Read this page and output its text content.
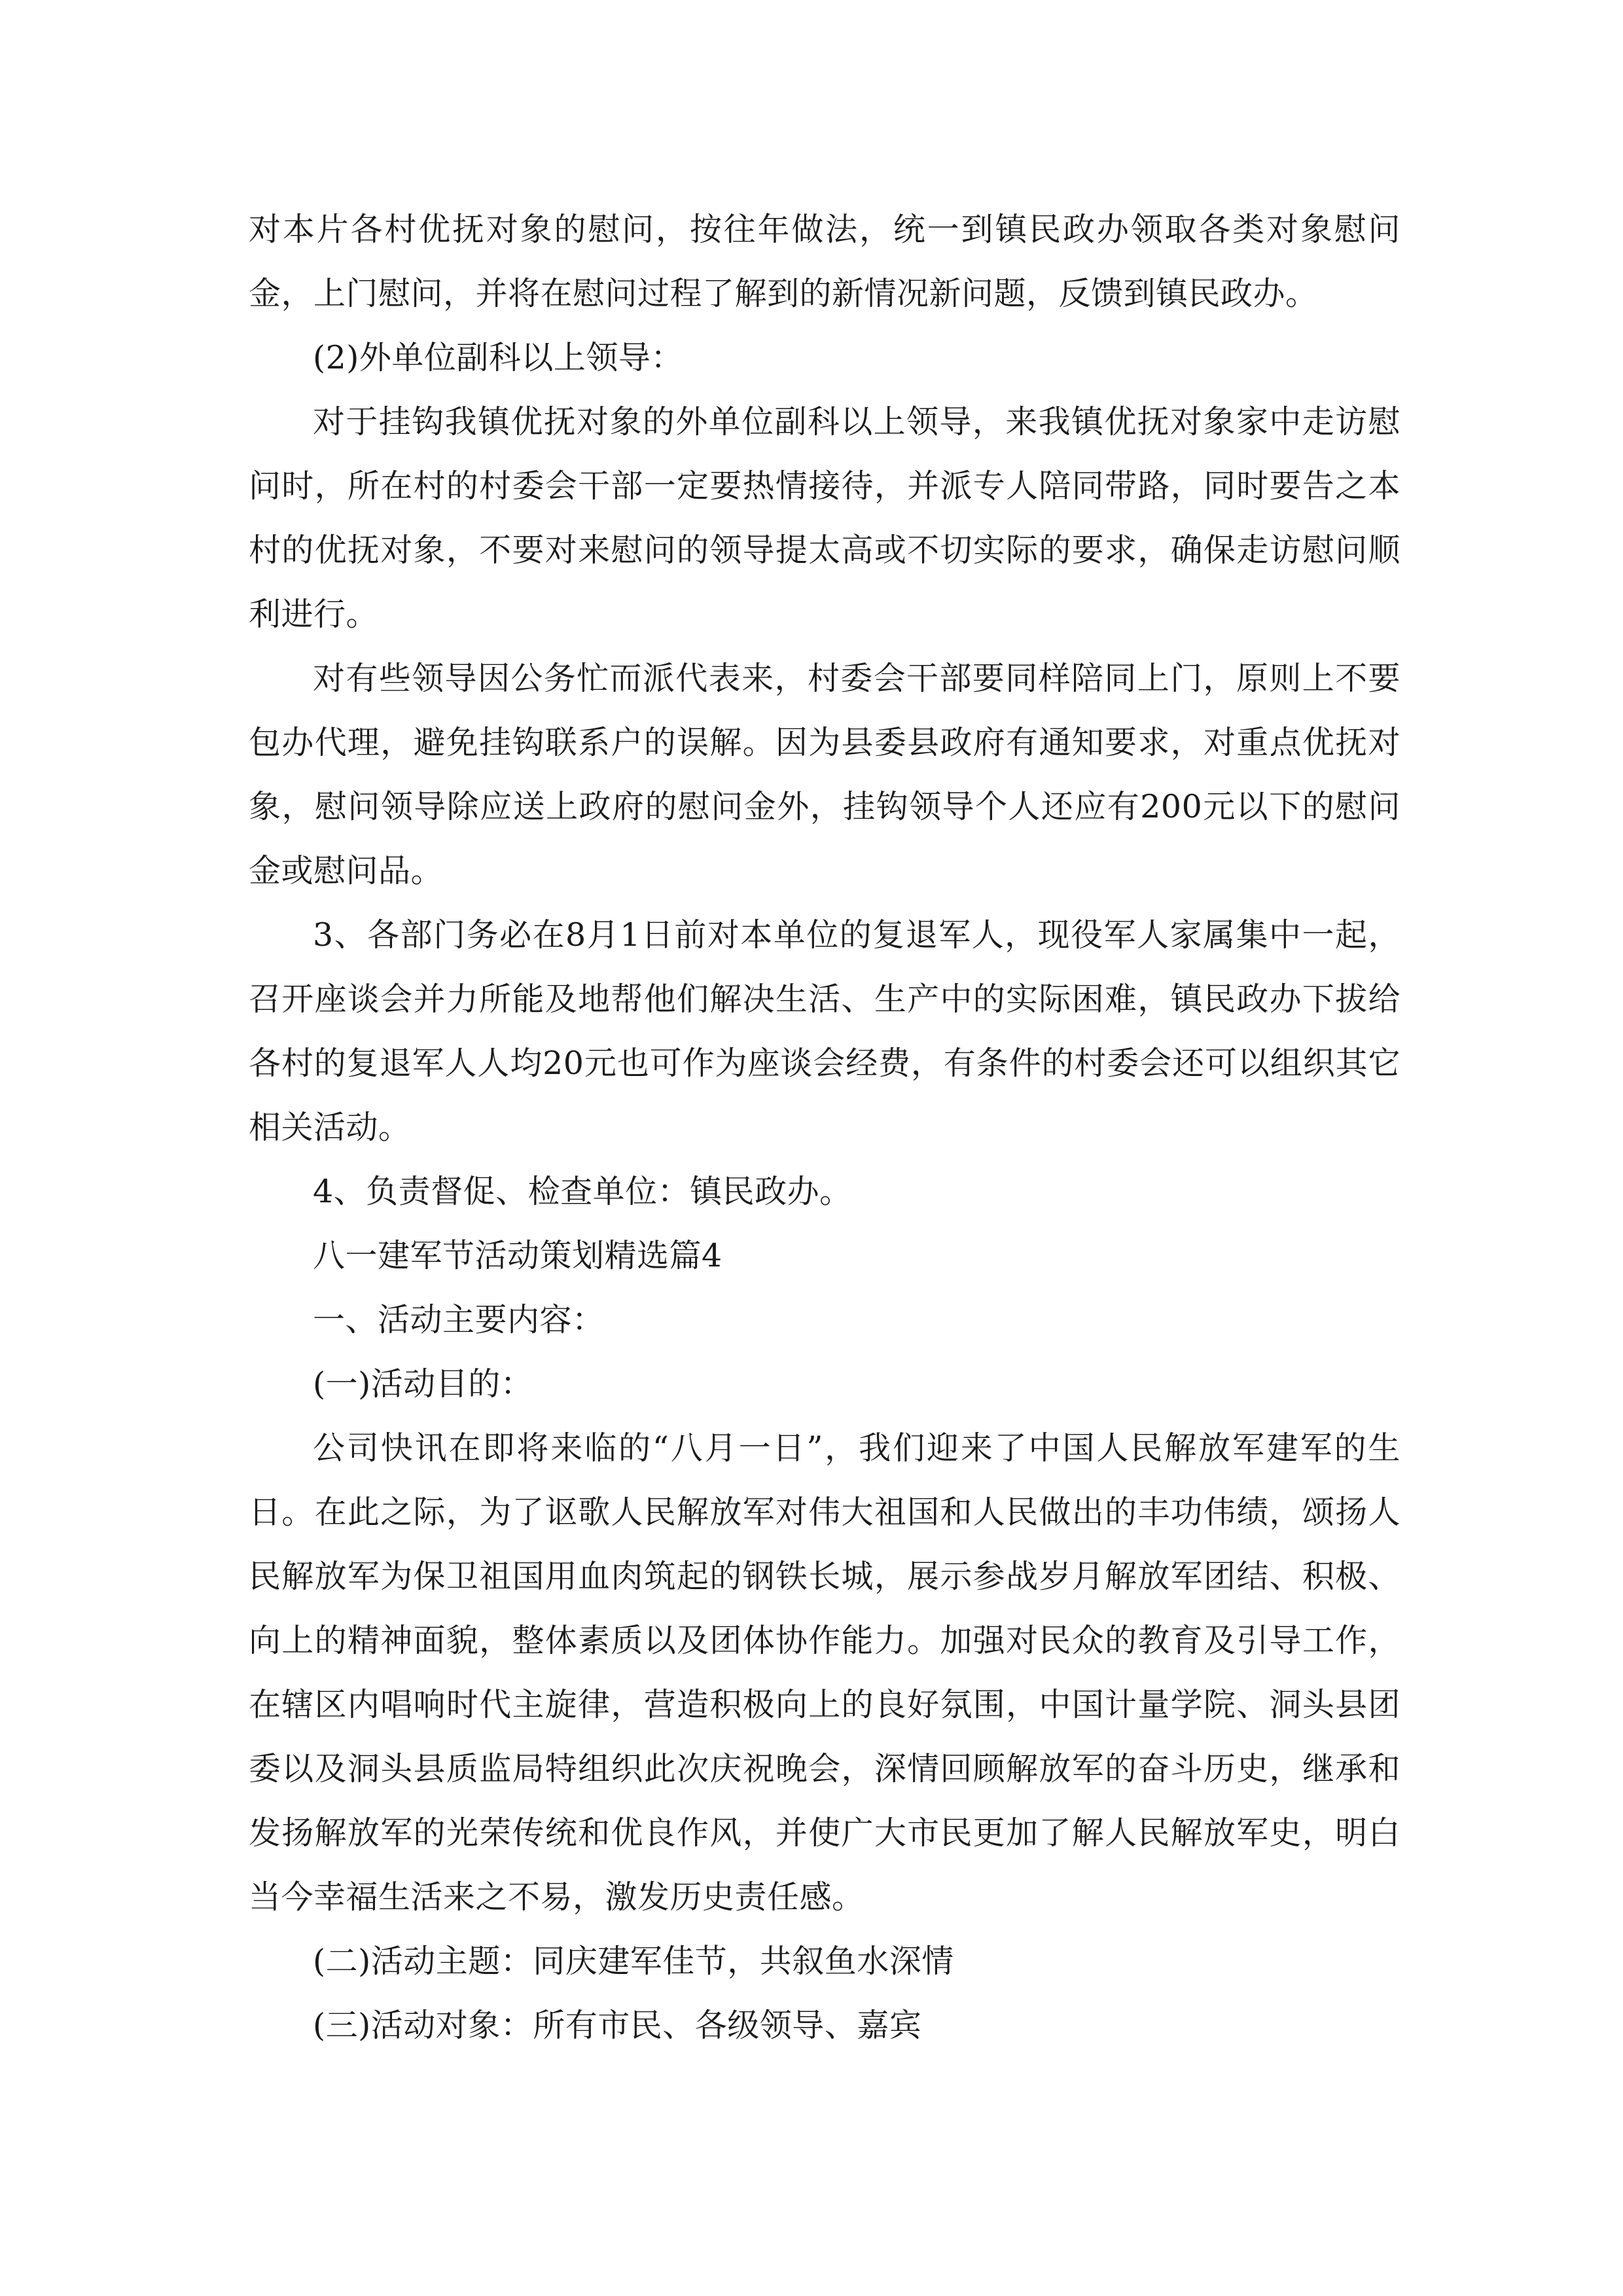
对本片各村优抚对象的慰问，按往年做法，统一到镇民政办领取各类对象慰问金，上门慰问，并将在慰问过程了解到的新情况新问题，反馈到镇民政办。

(2)外单位副科以上领导：

对于挂钩我镇优抚对象的外单位副科以上领导，来我镇优抚对象家中走访慰问时，所在村的村委会干部一定要热情接待，并派专人陪同带路，同时要告之本村的优抚对象，不要对来慰问的领导提太高或不切实际的要求，确保走访慰问顺利进行。

对有些领导因公务忙而派代表来，村委会干部要同样陪同上门，原则上不要包办代理，避免挂钩联系户的误解。因为县委县政府有通知要求，对重点优抚对象，慰问领导除应送上政府的慰问金外，挂钩领导个人还应有200元以下的慰问金或慰问品。

3、各部门务必在8月1日前对本单位的复退军人，现役军人家属集中一起，召开座谈会并力所能及地帮他们解决生活、生产中的实际困难，镇民政办下拔给各村的复退军人人均20元也可作为座谈会经费，有条件的村委会还可以组织其它相关活动。

4、负责督促、检查单位：镇民政办。

八一建军节活动策划精选篇4

一、活动主要内容：

(一)活动目的：

公司快讯在即将来临的“八月一日”，我们迎来了中国人民解放军建军的生日。在此之际，为了讴歌人民解放军对伟大祖国和人民做出的丰功伟绩，颂扬人民解放军为保卫祖国用血肉筑起的钢铁长城，展示参战岁月解放军团结、积极、向上的精神面貌，整体素质以及团体协作能力。加强对民众的教育及引导工作，在辖区内唱响时代主旋律，营造积极向上的良好氛围，中国计量学院、洞头县团委以及洞头县质监局特组织此次庆祝晚会，深情回顾解放军的奋斗历史，继承和发扬解放军的光荣传统和优良作风，并使广大市民更加了解人民解放军史，明白当今幸福生活来之不易，激发历史责任感。

(二)活动主题：同庆建军佳节，共叙鱼水深情

(三)活动对象：所有市民、各级领导、嘉宾
